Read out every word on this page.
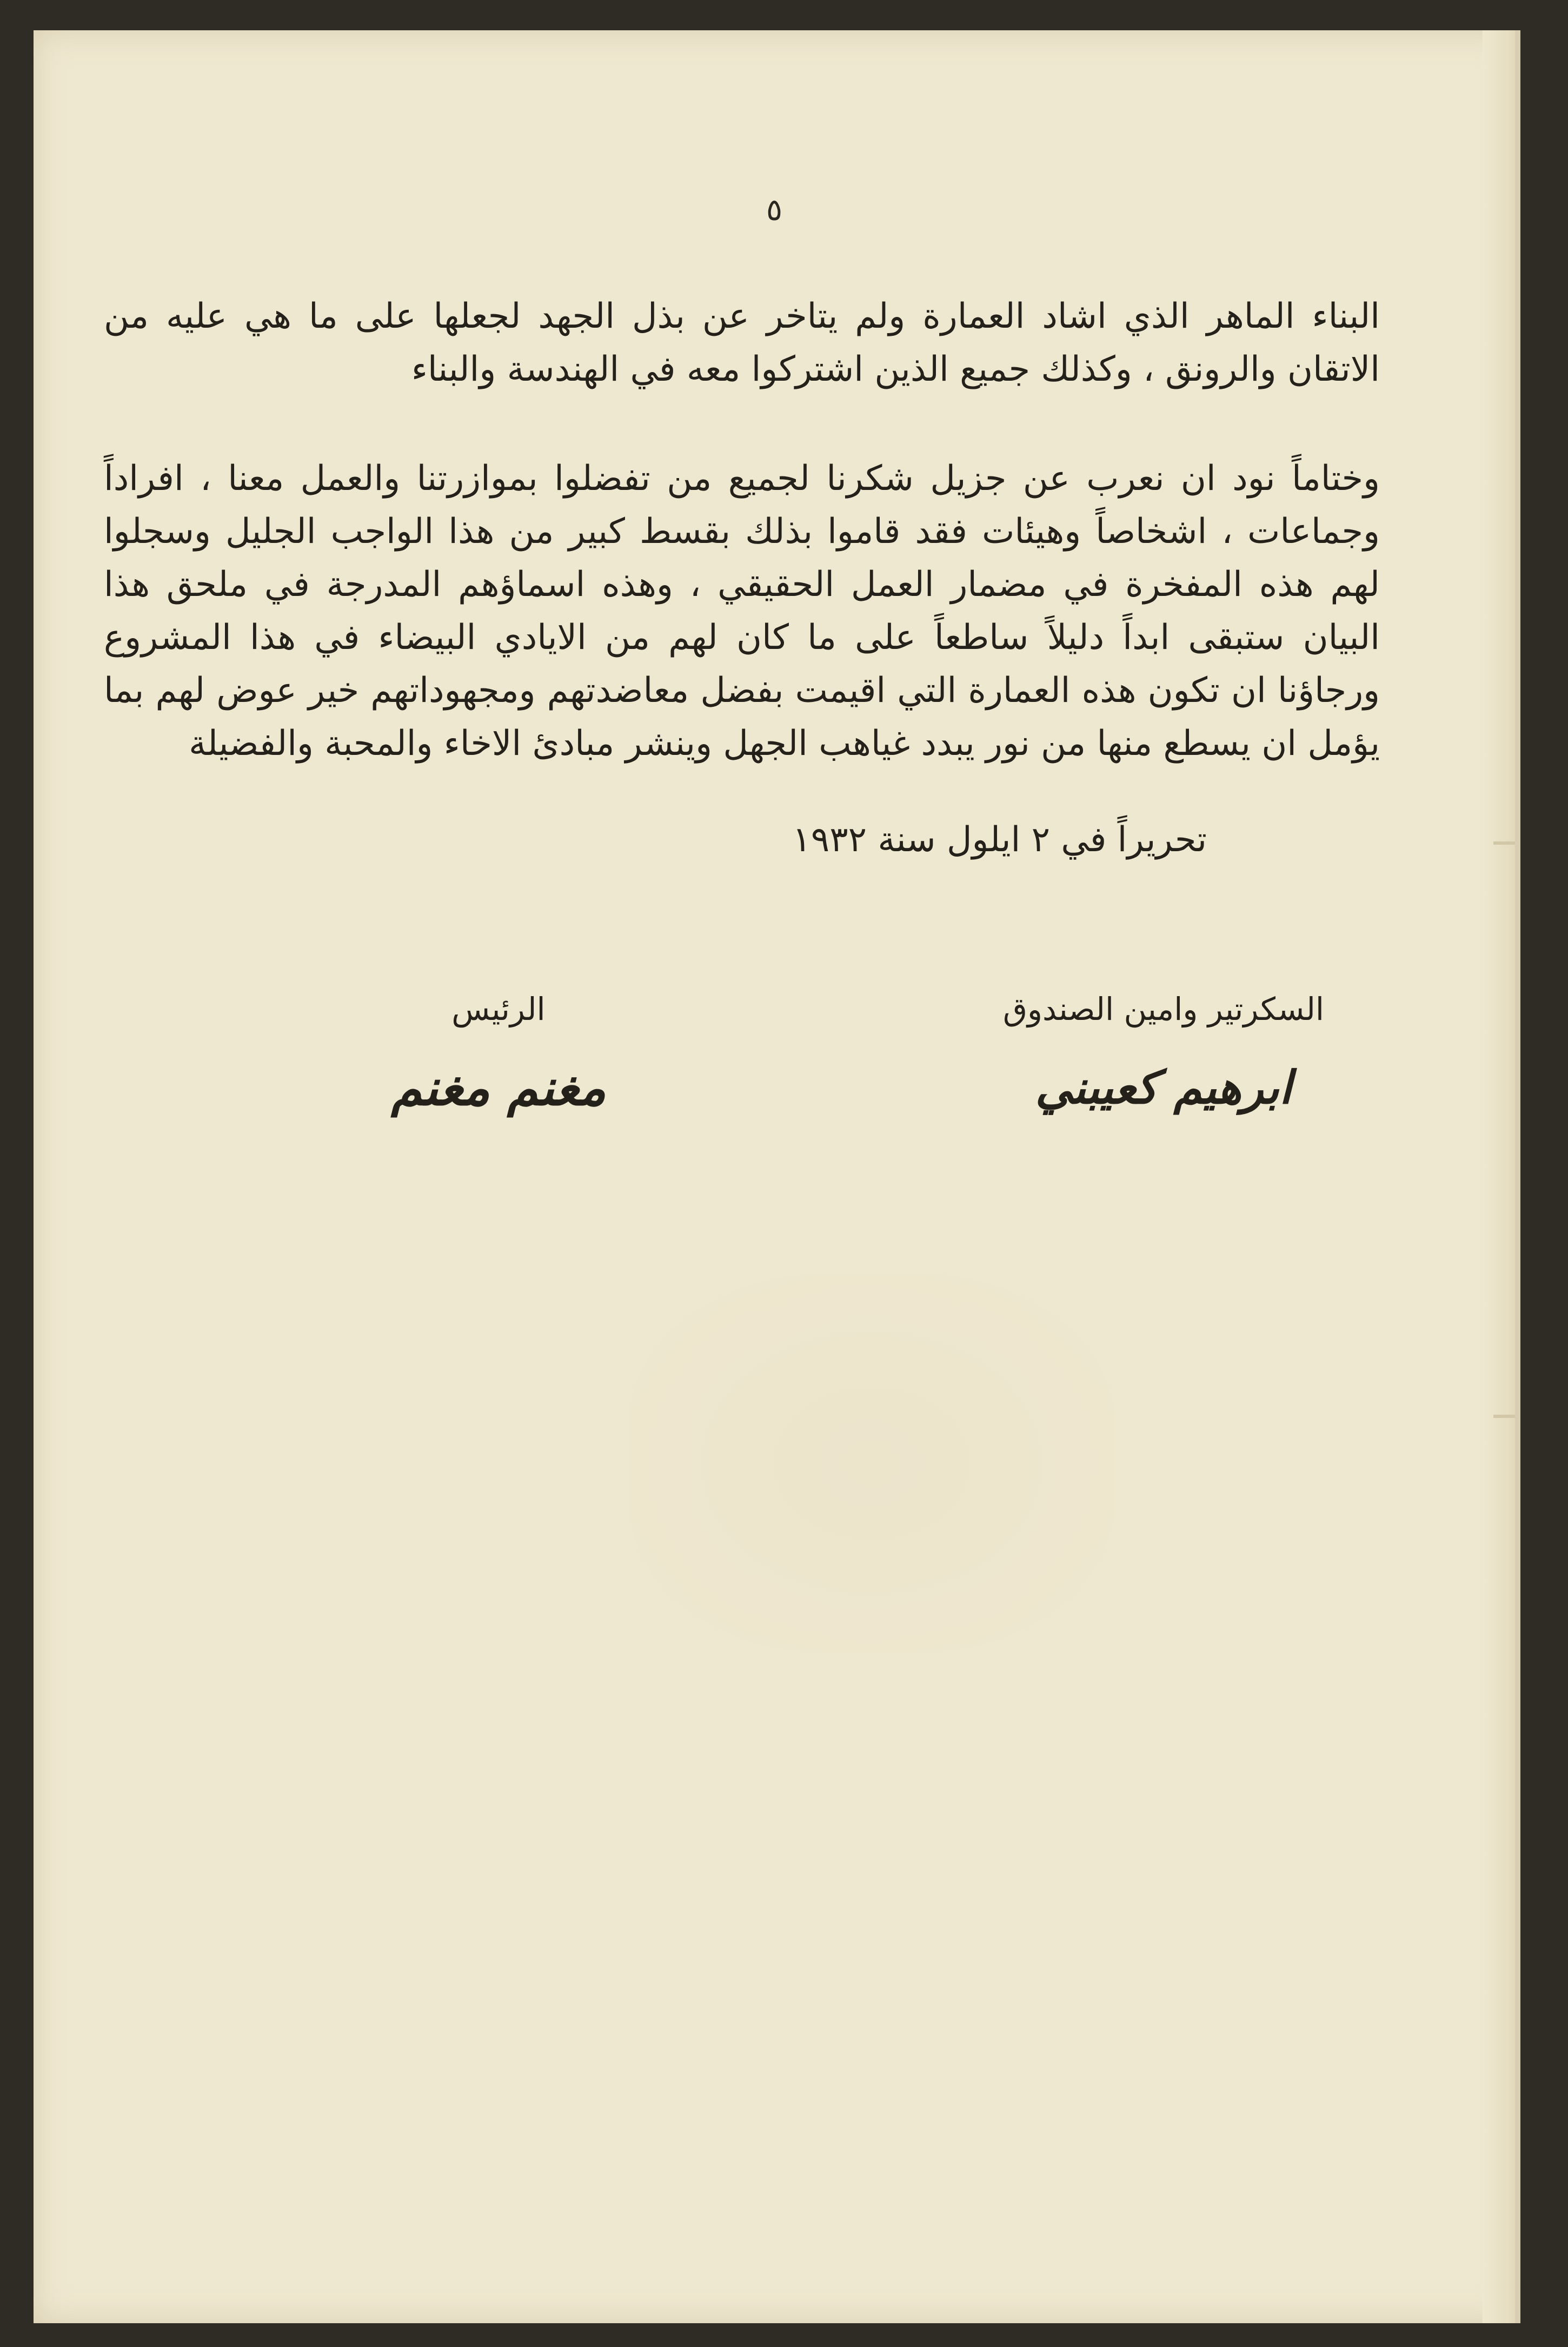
٥

البناء الماهر الذي اشاد العمارة ولم يتاخر عن بذل الجهد لجعلها على ما هي عليه من الاتقان والرونق ، وكذلك جميع الذين اشتركوا معه في الهندسة والبناء

وختاماً نود ان نعرب عن جزيل شكرنا لجميع من تفضلوا بموازرتنا والعمل معنا ، افراداً وجماعات ، اشخاصاً وهيئات فقد قاموا بذلك بقسط كبير من هذا الواجب الجليل وسجلوا لهم هذه المفخرة في مضمار العمل الحقيقي ، وهذه اسماؤهم المدرجة في ملحق هذا البيان ستبقى ابداً دليلاً ساطعاً على ما كان لهم من الايادي البيضاء في هذا المشروع ورجاؤنا ان تكون هذه العمارة التي اقيمت بفضل معاضدتهم ومجهوداتهم خير عوض لهم بما يؤمل ان يسطع منها من نور يبدد غياهب الجهل وينشر مبادئ الاخاء والمحبة والفضيلة

تحريراً في ٢ ايلول سنة ١٩٣٢
السكرتير وامين الصندوق
ابرهيم كعيبني
الرئيس
مغنم مغنم
